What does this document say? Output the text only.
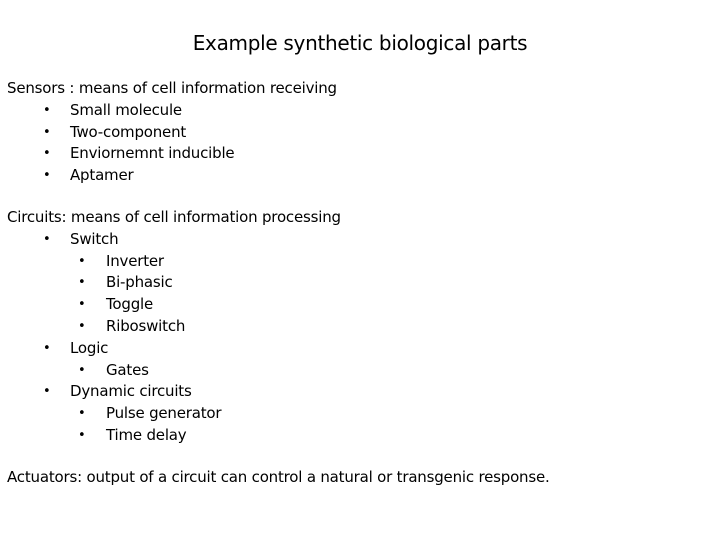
Example synthetic biological parts
Sensors : means of cell information receiving
• Small molecule
• Two-component
• Enviornemnt inducible
• Aptamer
Circuits: means of cell information processing
• Switch
• Inverter
• Bi-phasic
• Toggle
• Riboswitch
• Logic
• Gates
• Dynamic circuits
• Pulse generator
• Time delay
Actuators: output of a circuit can control a natural or transgenic response.
